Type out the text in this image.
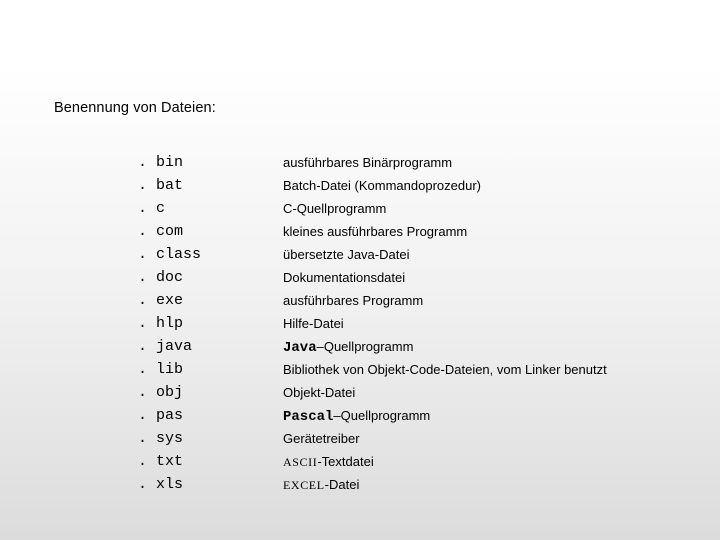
Benennung von Dateien:
. bin	ausführbares Binärprogramm
. bat	Batch-Datei (Kommandoprozedur)
. c	C-Quellprogramm
. com	kleines ausführbares Programm
. class	übersetzte Java-Datei
. doc	Dokumentationsdatei
. exe	ausführbares Programm
. hlp	Hilfe-Datei
. java	Java–Quellprogramm
. lib	Bibliothek von Objekt-Code-Dateien, vom Linker benutzt
. obj	Objekt-Datei
. pas	Pascal–Quellprogramm
. sys	Gerätetreiber
. txt	ASCII-Textdatei
. xls	EXCEL-Datei
